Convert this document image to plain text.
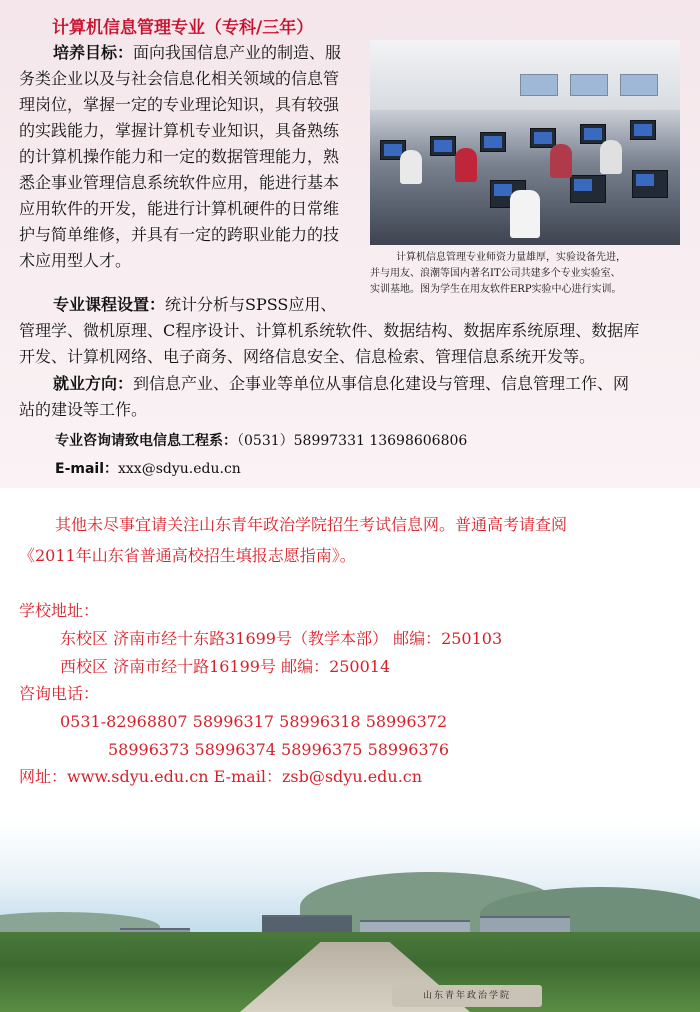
计算机信息管理专业（专科/三年）
培养目标：面向我国信息产业的制造、服
务类企业以及与社会信息化相关领域的信息管
理岗位，掌握一定的专业理论知识，具有较强
的实践能力，掌握计算机专业知识，具备熟练
的计算机操作能力和一定的数据管理能力，熟
悉企事业管理信息系统软件应用，能进行基本
应用软件的开发，能进行计算机硬件的日常维
护与简单维修，并具有一定的跨职业能力的技
术应用型人才。	计算机信息管理专业师资力量雄厚，实验设备先进，
并与用友、浪潮等国内著名IT公司共建多个专业实验室、
实训基地。图为学生在用友软件ERP实验中心进行实训。
专业课程设置：统计分析与SPSS应用、
管理学、微机原理、C程序设计、计算机系统软件、数据结构、数据库系统原理、数据库
开发、计算机网络、电子商务、网络信息安全、信息检索、管理信息系统开发等。
就业方向：到信息产业、企事业等单位从事信息化建设与管理、信息管理工作、网
站的建设等工作。
专业咨询请致电信息工程系：（0531）58997331 13698606806
E-mail：xxx@sdyu.edu.cn
其他未尽事宜请关注山东青年政治学院招生考试信息网。普通高考请查阅
《2011年山东省普通高校招生填报志愿指南》。
学校地址：
东校区 济南市经十东路31699号（教学本部） 邮编：250103
西校区 济南市经十路16199号 邮编：250014
咨询电话：
0531-82968807 58996317 58996318 58996372
58996373 58996374 58996375 58996376
网址：www.sdyu.edu.cn E-mail：zsb@sdyu.edu.cn
山东青年政治学院
